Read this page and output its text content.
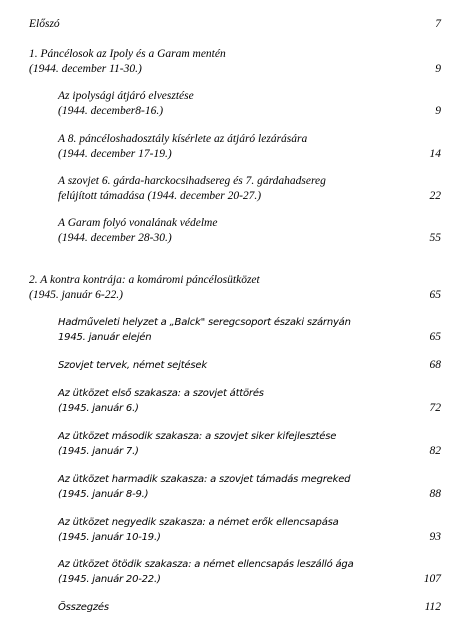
Előszó	7
1. Páncélosok az Ipoly és a Garam mentén
(1944. december 11-30.)	9
Az ipolysági átjáró elvesztése
(1944. december8-16.)	9
A 8. páncéloshadosztály kísérlete az átjáró lezárására
(1944. december 17-19.)	14
A szovjet 6. gárda-harckocsihadsereg és 7. gárdahadsereg
felújított támadása (1944. december 20-27.)	22
A Garam folyó vonalának védelme
(1944. december 28-30.)	55
2. A kontra kontrája: a komáromi páncélosütközet
(1945. január 6-22.)	65
Hadműveleti helyzet a „Balck" seregcsoport északi szárnyán
1945. január elején	65
Szovjet tervek, német sejtések	68
Az ütközet első szakasza: a szovjet áttörés
(1945. január 6.)	72
Az ütközet második szakasza: a szovjet siker kifejlesztése
(1945. január 7.)	82
Az ütközet harmadik szakasza: a szovjet támadás megreked
(1945. január 8-9.)	88
Az ütközet negyedik szakasza: a német erők ellencsapása
(1945. január 10-19.)	93
Az ütközet ötödik szakasza: a német ellencsapás leszálló ága
(1945. január 20-22.)	107
Összegzés	112
